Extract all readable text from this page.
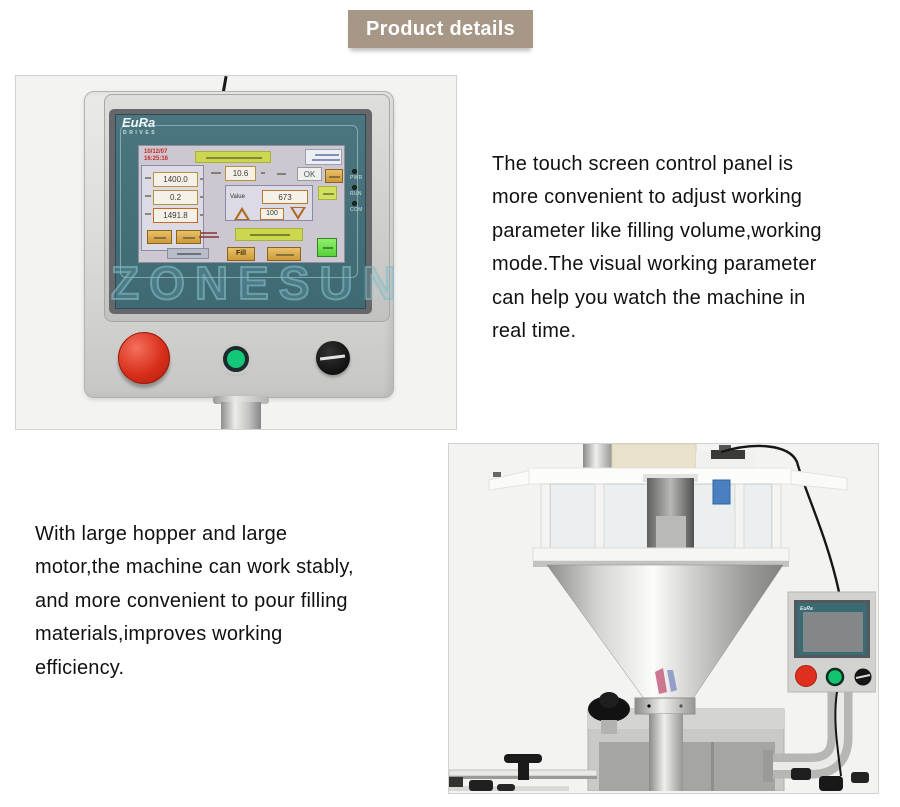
Product details
EuRa
DRIVES
10/12/07
16:25:16
1400.0
0.2
1491.8
10.6	OK
Value	673
100
Fill
PWR
RUN
COM
ZONESUN
The touch screen control panel is
more convenient to adjust working
parameter like filling volume,working
mode.The visual working parameter
can help you watch the machine in
real time.
With large hopper and large
motor,the machine can work stably,
and more convenient to pour filling
materials,improves working
efficiency.
EuRa
